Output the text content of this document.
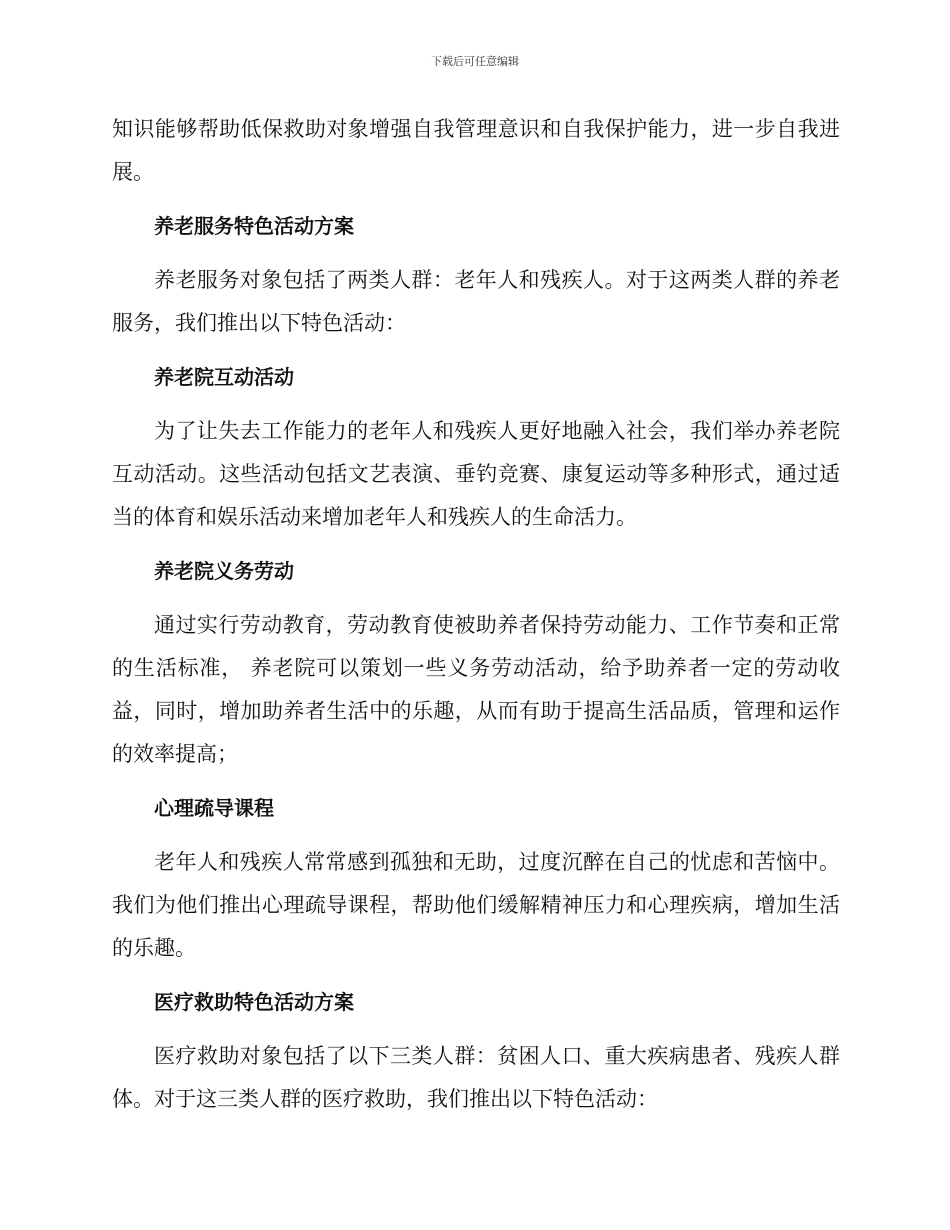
下载后可任意编辑

知识能够帮助低保救助对象增强自我管理意识和自我保护能力，进一步自我进展。

养老服务特色活动方案

养老服务对象包括了两类人群：老年人和残疾人。对于这两类人群的养老服务，我们推出以下特色活动：

养老院互动活动

为了让失去工作能力的老年人和残疾人更好地融入社会，我们举办养老院互动活动。这些活动包括文艺表演、垂钓竞赛、康复运动等多种形式，通过适当的体育和娱乐活动来增加老年人和残疾人的生命活力。

养老院义务劳动

通过实行劳动教育，劳动教育使被助养者保持劳动能力、工作节奏和正常的生活标准， 养老院可以策划一些义务劳动活动，给予助养者一定的劳动收益，同时，增加助养者生活中的乐趣，从而有助于提高生活品质，管理和运作的效率提高；

心理疏导课程

老年人和残疾人常常感到孤独和无助，过度沉醉在自己的忧虑和苦恼中。我们为他们推出心理疏导课程，帮助他们缓解精神压力和心理疾病，增加生活的乐趣。

医疗救助特色活动方案

医疗救助对象包括了以下三类人群：贫困人口、重大疾病患者、残疾人群体。对于这三类人群的医疗救助，我们推出以下特色活动：
